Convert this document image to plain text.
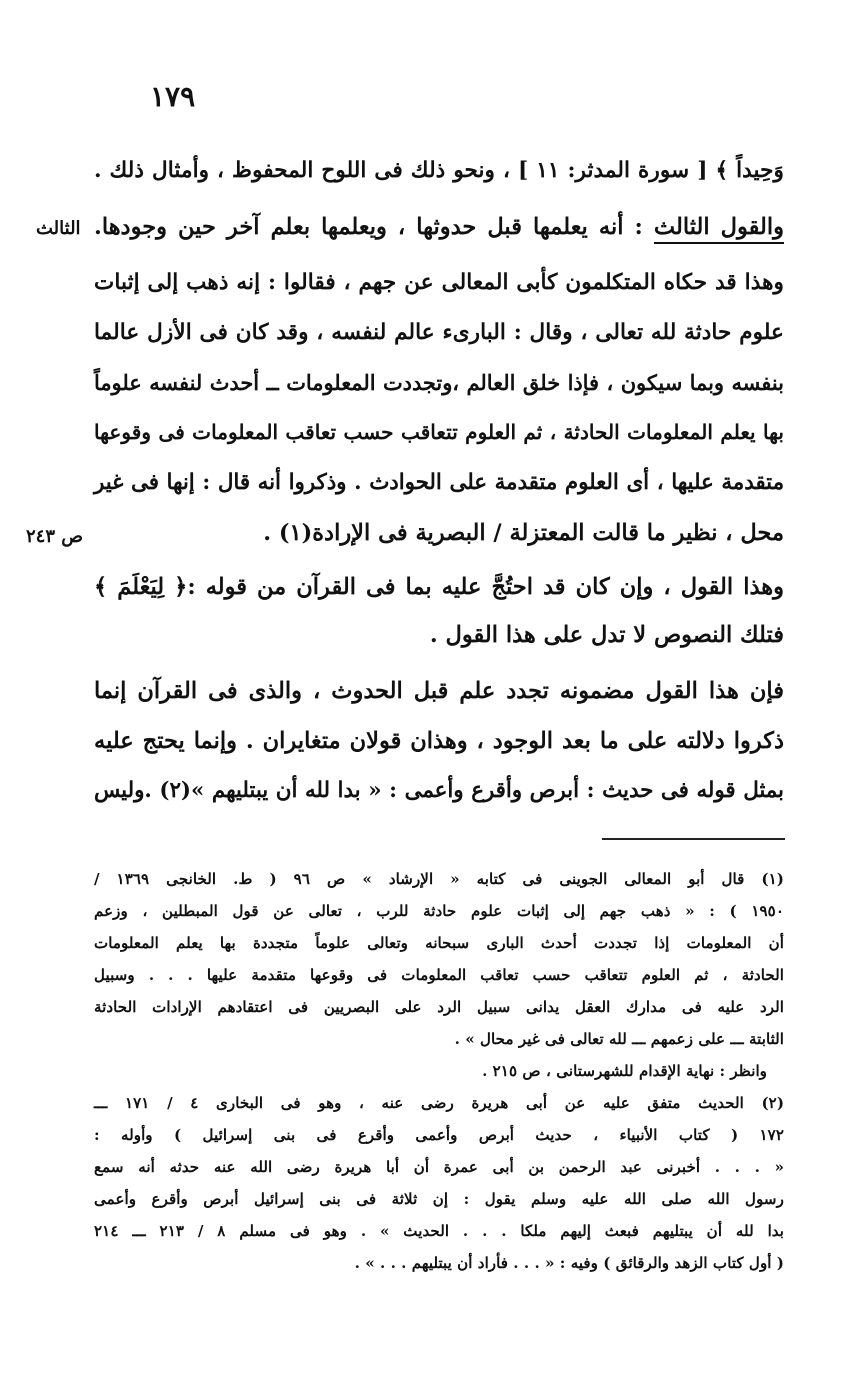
١٧٩
الثالث
ص ٢٤٣
وَحِيداً ﴾ [ سورة المدثر: ١١ ] ، ونحو ذلك فى اللوح المحفوظ ، وأمثال ذلك .
والقول الثالث : أنه يعلمها قبل حدوثها ، ويعلمها بعلم آخر حين وجودها.
وهذا قد حكاه المتكلمون كأبى المعالى عن جهم ، فقالوا : إنه ذهب إلى إثبات
علوم حادثة لله تعالى ، وقال : البارىء عالم لنفسه ، وقد كان فى الأزل عالما
بنفسه وبما سيكون ، فإذا خلق العالم ،وتجددت المعلومات ــ أحدث لنفسه علوماً
بها يعلم المعلومات الحادثة ، ثم العلوم تتعاقب حسب تعاقب المعلومات فى وقوعها
متقدمة عليها ، أى العلوم متقدمة على الحوادث . وذكروا أنه قال : إنها فى غير
محل ، نظير ما قالت المعتزلة / البصرية فى الإرادة(١) .
وهذا القول ، وإن كان قد احتُجَّ عليه بما فى القرآن من قوله :﴿ لِيَعْلَمَ ﴾
فتلك النصوص لا تدل على هذا القول .
فإن هذا القول مضمونه تجدد علم قبل الحدوث ، والذى فى القرآن إنما
ذكروا دلالته على ما بعد الوجود ، وهذان قولان متغايران . وإنما يحتج عليه
بمثل قوله فى حديث : أبرص وأقرع وأعمى : « بدا لله أن يبتليهم »(٢) .وليس
(١) قال أبو المعالى الجوينى فى كتابه « الإرشاد » ص ٩٦ ( ط. الخانجى ١٣٦٩ /
١٩٥٠ ) : « ذهب جهم إلى إثبات علوم حادثة للرب ، تعالى عن قول المبطلين ، وزعم
أن المعلومات إذا تجددت أحدث البارى سبحانه وتعالى علوماً متجددة بها يعلم المعلومات
الحادثة ، ثم العلوم تتعاقب حسب تعاقب المعلومات فى وقوعها متقدمة عليها . . . وسبيل
الرد عليه فى مدارك العقل يدانى سبيل الرد على البصريين فى اعتقادهم الإرادات الحادثة
الثابتة ـــ على زعمهم ـــ لله تعالى فى غير محال » .
وانظر : نهاية الإقدام للشهرستانى ، ص ٢١٥ .
(٢) الحديث متفق عليه عن أبى هريرة رضى عنه ، وهو فى البخارى ٤ / ١٧١ ـــ
١٧٢ ( كتاب الأنبياء ، حديث أبرص وأعمى وأقرع فى بنى إسرائيل ) وأوله :
« . . . أخبرنى عبد الرحمن بن أبى عمرة أن أبا هريرة رضى الله عنه حدثه أنه سمع
رسول الله صلى الله عليه وسلم يقول : إن ثلاثة فى بنى إسرائيل أبرص وأقرع وأعمى
بدا لله أن يبتليهم فبعث إليهم ملكا . . . الحديث » . وهو فى مسلم ٨ / ٢١٣ ـــ ٢١٤
( أول كتاب الزهد والرقائق ) وفيه : « . . . فأراد أن يبتليهم . . . » .
